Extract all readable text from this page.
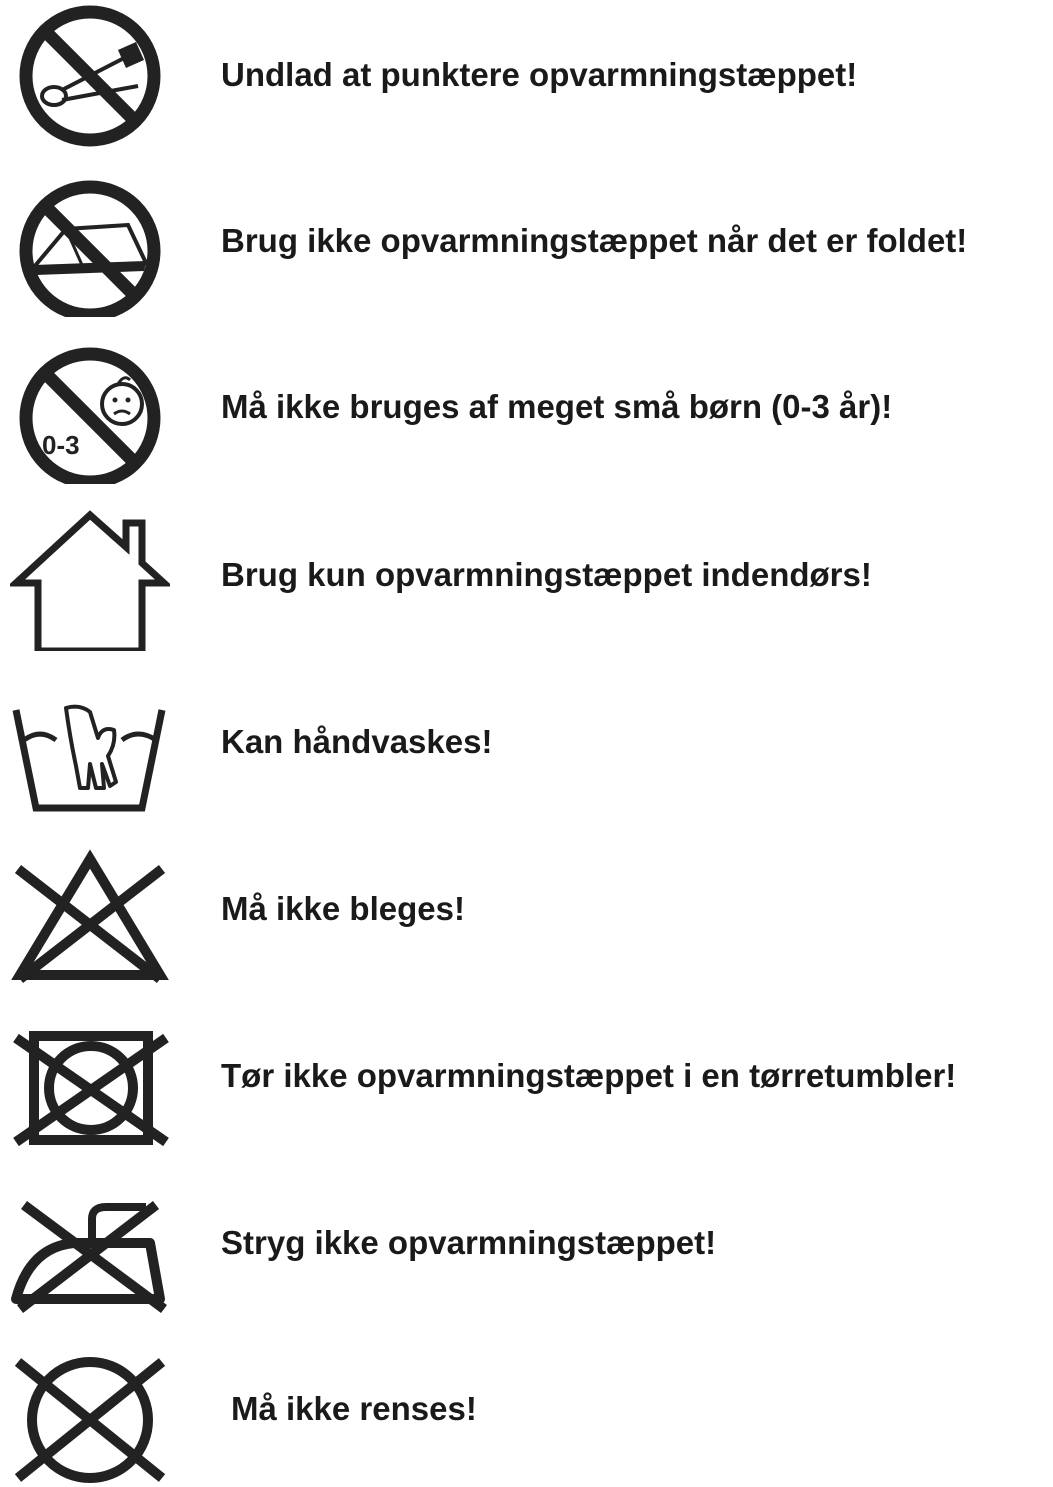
Undlad at punktere opvarmningstæppet!
Brug ikke opvarmningstæppet når det er foldet!
0-3
Må ikke bruges af meget små børn (0-3 år)!
Brug kun opvarmningstæppet indendørs!
Kan håndvaskes!
Må ikke bleges!
Tør ikke opvarmningstæppet i en tørretumbler!
Stryg ikke opvarmningstæppet!
Må ikke renses!
